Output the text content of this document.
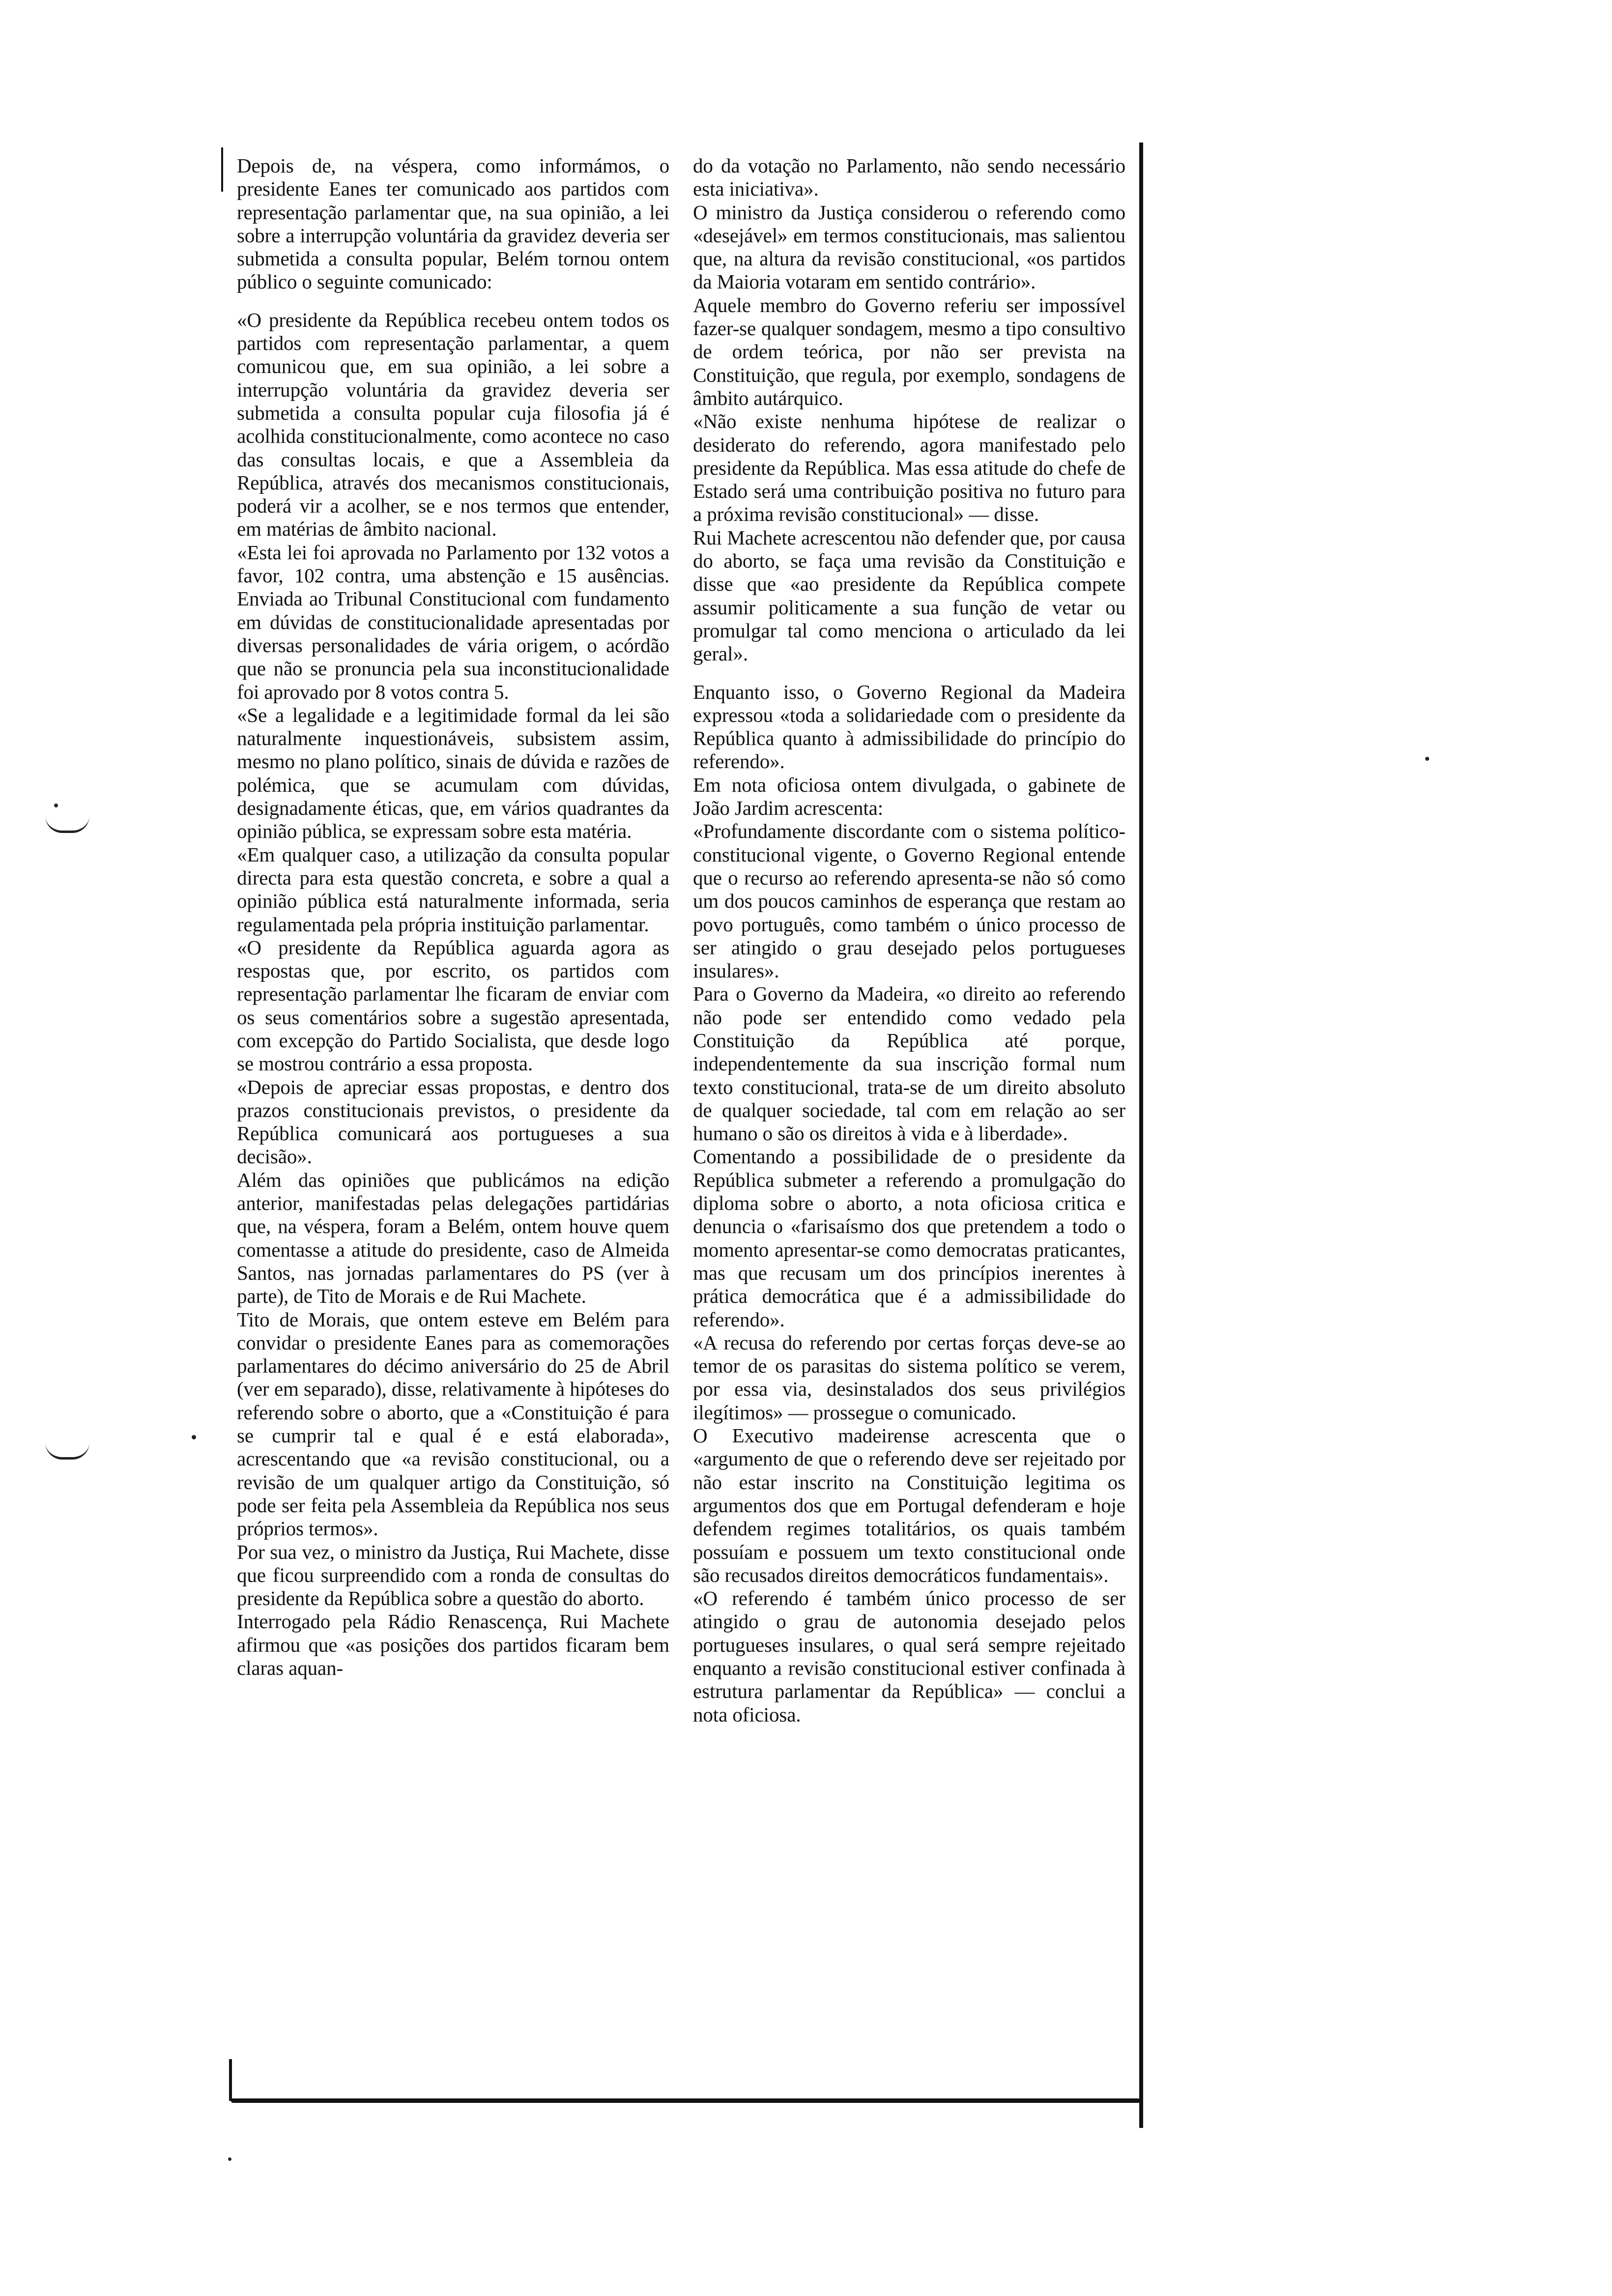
Depois de, na véspera, como informámos, o presidente Eanes ter comunicado aos partidos com representação parlamentar que, na sua opinião, a lei sobre a interrupção voluntária da gravidez deveria ser submetida a consulta popular, Belém tornou ontem público o seguinte comunicado:

«O presidente da República recebeu ontem todos os partidos com representação parlamentar, a quem comunicou que, em sua opinião, a lei sobre a interrupção voluntária da gravidez deveria ser submetida a consulta popular cuja filosofia já é acolhida constitucionalmente, como acontece no caso das consultas locais, e que a Assembleia da República, através dos mecanismos constitucionais, poderá vir a acolher, se e nos termos que entender, em matérias de âmbito nacional.

«Esta lei foi aprovada no Parlamento por 132 votos a favor, 102 contra, uma abstenção e 15 ausências. Enviada ao Tribunal Constitucional com fundamento em dúvidas de constitucionalidade apresentadas por diversas personalidades de vária origem, o acórdão que não se pronuncia pela sua inconstitucionalidade foi aprovado por 8 votos contra 5.

«Se a legalidade e a legitimidade formal da lei são naturalmente inquestionáveis, subsistem assim, mesmo no plano político, sinais de dúvida e razões de polémica, que se acumulam com dúvidas, designadamente éticas, que, em vários quadrantes da opinião pública, se expressam sobre esta matéria.

«Em qualquer caso, a utilização da consulta popular directa para esta questão concreta, e sobre a qual a opinião pública está naturalmente informada, seria regulamentada pela própria instituição parlamentar.

«O presidente da República aguarda agora as respostas que, por escrito, os partidos com representação parlamentar lhe ficaram de enviar com os seus comentários sobre a sugestão apresentada, com excepção do Partido Socialista, que desde logo se mostrou contrário a essa proposta.

«Depois de apreciar essas propostas, e dentro dos prazos constitucionais previstos, o presidente da República comunicará aos portugueses a sua decisão».

Além das opiniões que publicámos na edição anterior, manifestadas pelas delegações partidárias que, na véspera, foram a Belém, ontem houve quem comentasse a atitude do presidente, caso de Almeida Santos, nas jornadas parlamentares do PS (ver à parte), de Tito de Morais e de Rui Machete.

Tito de Morais, que ontem esteve em Belém para convidar o presidente Eanes para as comemorações parlamentares do décimo aniversário do 25 de Abril (ver em separado), disse, relativamente à hipóteses do referendo sobre o aborto, que a «Constituição é para se cumprir tal e qual é e está elaborada», acrescentando que «a revisão constitucional, ou a revisão de um qualquer artigo da Constituição, só pode ser feita pela Assembleia da República nos seus próprios termos».

Por sua vez, o ministro da Justiça, Rui Machete, disse que ficou surpreendido com a ronda de consultas do presidente da República sobre a questão do aborto.

Interrogado pela Rádio Renascença, Rui Machete afirmou que «as posições dos partidos ficaram bem claras aquan-

do da votação no Parlamento, não sendo necessário esta iniciativa».

O ministro da Justiça considerou o referendo como «desejável» em termos constitucionais, mas salientou que, na altura da revisão constitucional, «os partidos da Maioria votaram em sentido contrário».

Aquele membro do Governo referiu ser impossível fazer-se qualquer sondagem, mesmo a tipo consultivo de ordem teórica, por não ser prevista na Constituição, que regula, por exemplo, sondagens de âmbito autárquico.

«Não existe nenhuma hipótese de realizar o desiderato do referendo, agora manifestado pelo presidente da República. Mas essa atitude do chefe de Estado será uma contribuição positiva no futuro para a próxima revisão constitucional» — disse.

Rui Machete acrescentou não defender que, por causa do aborto, se faça uma revisão da Constituição e disse que «ao presidente da República compete assumir politicamente a sua função de vetar ou promulgar tal como menciona o articulado da lei geral».

Enquanto isso, o Governo Regional da Madeira expressou «toda a solidariedade com o presidente da República quanto à admissibilidade do princípio do referendo».

Em nota oficiosa ontem divulgada, o gabinete de João Jardim acrescenta:

«Profundamente discordante com o sistema político-constitucional vigente, o Governo Regional entende que o recurso ao referendo apresenta-se não só como um dos poucos caminhos de esperança que restam ao povo português, como também o único processo de ser atingido o grau desejado pelos portugueses insulares».

Para o Governo da Madeira, «o direito ao referendo não pode ser entendido como vedado pela Constituição da República até porque, independentemente da sua inscrição formal num texto constitucional, trata-se de um direito absoluto de qualquer sociedade, tal com em relação ao ser humano o são os direitos à vida e à liberdade».

Comentando a possibilidade de o presidente da República submeter a referendo a promulgação do diploma sobre o aborto, a nota oficiosa critica e denuncia o «farisaísmo dos que pretendem a todo o momento apresentar-se como democratas praticantes, mas que recusam um dos princípios inerentes à prática democrática que é a admissibilidade do referendo».

«A recusa do referendo por certas forças deve-se ao temor de os parasitas do sistema político se verem, por essa via, desinstalados dos seus privilégios ilegítimos» — prossegue o comunicado.

O Executivo madeirense acrescenta que o «argumento de que o referendo deve ser rejeitado por não estar inscrito na Constituição legitima os argumentos dos que em Portugal defenderam e hoje defendem regimes totalitários, os quais também possuíam e possuem um texto constitucional onde são recusados direitos democráticos fundamentais».

«O referendo é também único processo de ser atingido o grau de autonomia desejado pelos portugueses insulares, o qual será sempre rejeitado enquanto a revisão constitucional estiver confinada à estrutura parlamentar da República» — conclui a nota oficiosa.
